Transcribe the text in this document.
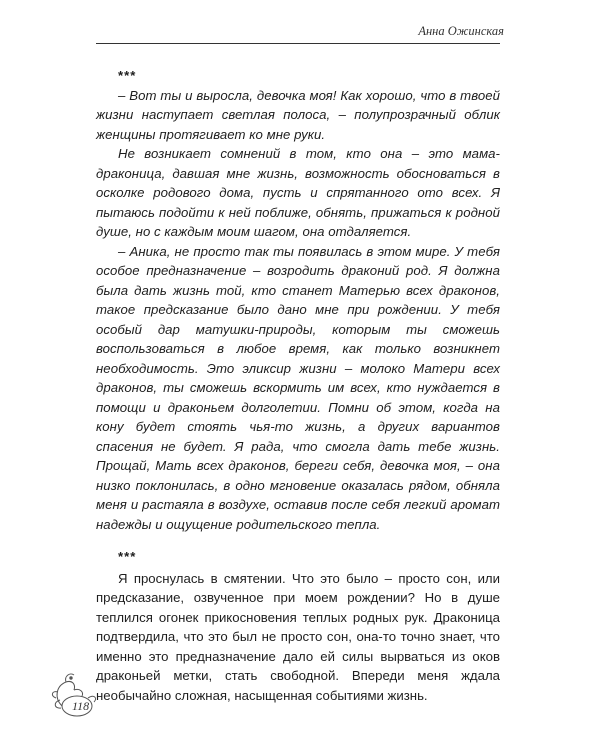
Анна Ожинская

***

– Вот ты и выросла, девочка моя! Как хорошо, что в твоей жизни наступает светлая полоса, – полупрозрачный облик женщины протягивает ко мне руки.

Не возникает сомнений в том, кто она – это мама-драконица, давшая мне жизнь, возможность обосноваться в осколке родового дома, пусть и спрятанного ото всех. Я пытаюсь подойти к ней поближе, обнять, прижаться к родной душе, но с каждым моим шагом, она отдаляется.

– Аника, не просто так ты появилась в этом мире. У тебя особое предназначение – возродить драконий род. Я должна была дать жизнь той, кто станет Матерью всех драконов, такое предсказание было дано мне при рождении. У тебя особый дар матушки-природы, которым ты сможешь воспользоваться в любое время, как только возникнет необходимость. Это эликсир жизни – молоко Матери всех драконов, ты сможешь вскормить им всех, кто нуждается в помощи и драконьем долголетии. Помни об этом, когда на кону будет стоять чья-то жизнь, а других вариантов спасения не будет. Я рада, что смогла дать тебе жизнь. Прощай, Мать всех драконов, береги себя, девочка моя, – она низко поклонилась, в одно мгновение оказалась рядом, обняла меня и растаяла в воздухе, оставив после себя легкий аромат надежды и ощущение родительского тепла.

***

Я проснулась в смятении. Что это было – просто сон, или предсказание, озвученное при моем рождении? Но в душе теплился огонек прикосновения теплых родных рук. Драконица подтвердила, что это был не просто сон, она-то точно знает, что именно это предназначение дало ей силы вырваться из оков драконьей метки, стать свободной. Впереди меня ждала необычайно сложная, насыщенная событиями жизнь.

118
